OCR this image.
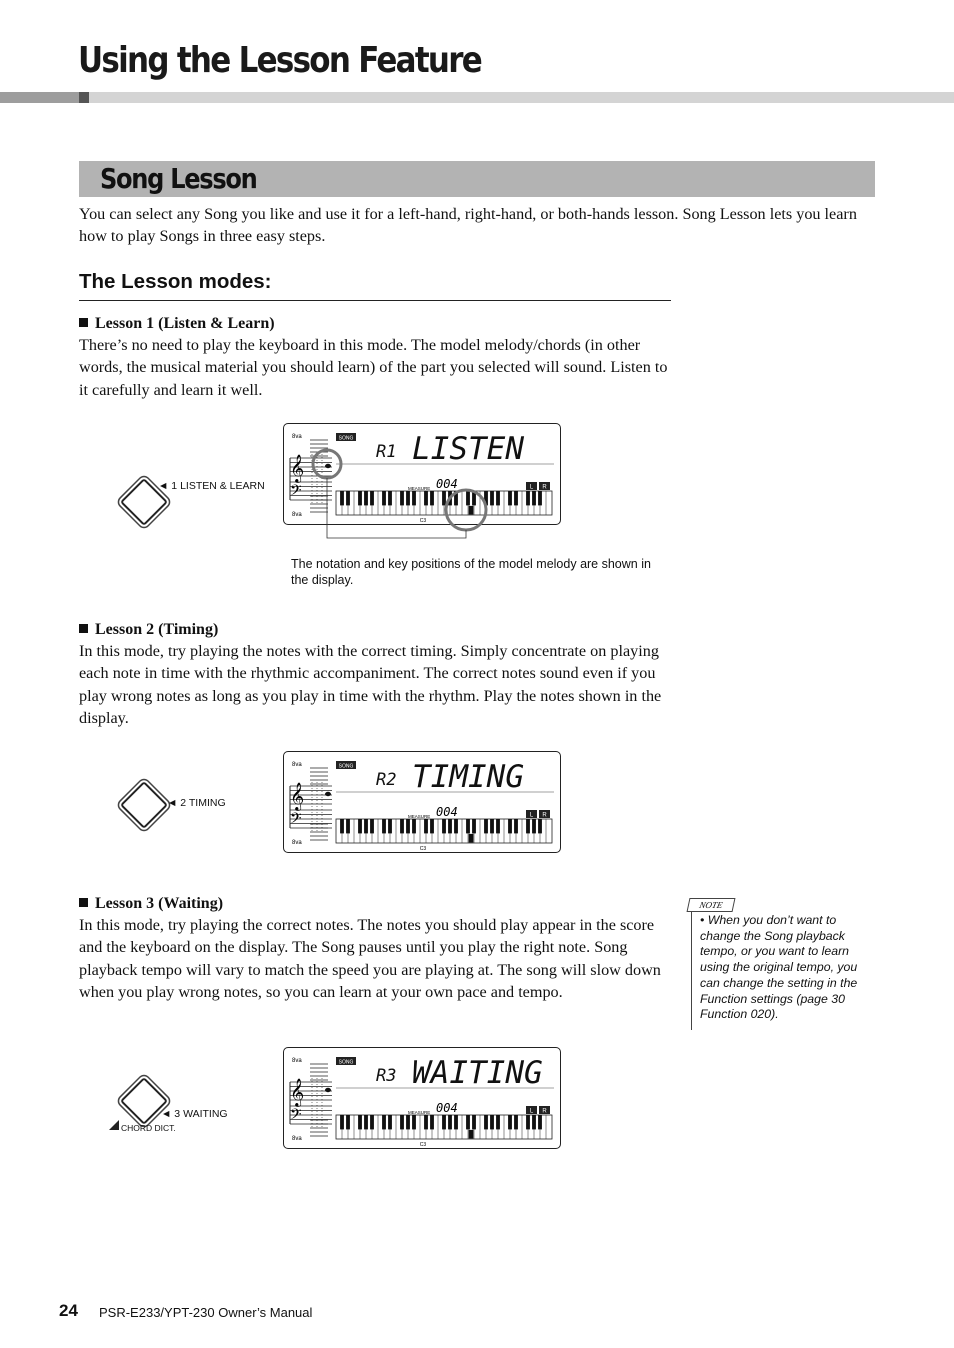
Using the Lesson Feature
Song Lesson
You can select any Song you like and use it for a left-hand, right-hand, or both-hands lesson. Song Lesson lets you learn how to play Songs in three easy steps.
The Lesson modes:
Lesson 1 (Listen & Learn)
There’s no need to play the keyboard in this mode. The model melody/chords (in other words, the musical material you should learn) of the part you selected will sound. Listen to it carefully and learn it well.
◄ 1 LISTEN & LEARN
8va
8va
𝄞
𝄢
SONG
R1 LISTEN
MEASURE 004	L R
C3
The notation and key positions of the model melody are shown in the display.
Lesson 2 (Timing)
In this mode, try playing the notes with the correct timing. Simply concentrate on playing each note in time with the rhythmic accompaniment. The correct notes sound even if you play wrong notes as long as you play in time with the rhythm. Play the notes shown in the display.
◄ 2 TIMING
8va
8va
𝄞
𝄢
SONG
R2 TIMING
MEASURE 004	L R
C3
Lesson 3 (Waiting)
In this mode, try playing the correct notes. The notes you should play appear in the score and the keyboard on the display. The Song pauses until you play the right note. Song playback tempo will vary to match the speed you are playing at. The song will slow down when you play wrong notes, so you can learn at your own pace and tempo.
◄ 3 WAITING
CHORD DICT.
8va
8va
𝄞
𝄢
SONG
R3 WAITING
MEASURE 004	L R
C3
NOTE
• When you don’t want to change the Song playback tempo, or you want to learn using the original tempo, you can change the setting in the Function settings (page 30 Function 020).
24 PSR-E233/YPT-230 Owner’s Manual
